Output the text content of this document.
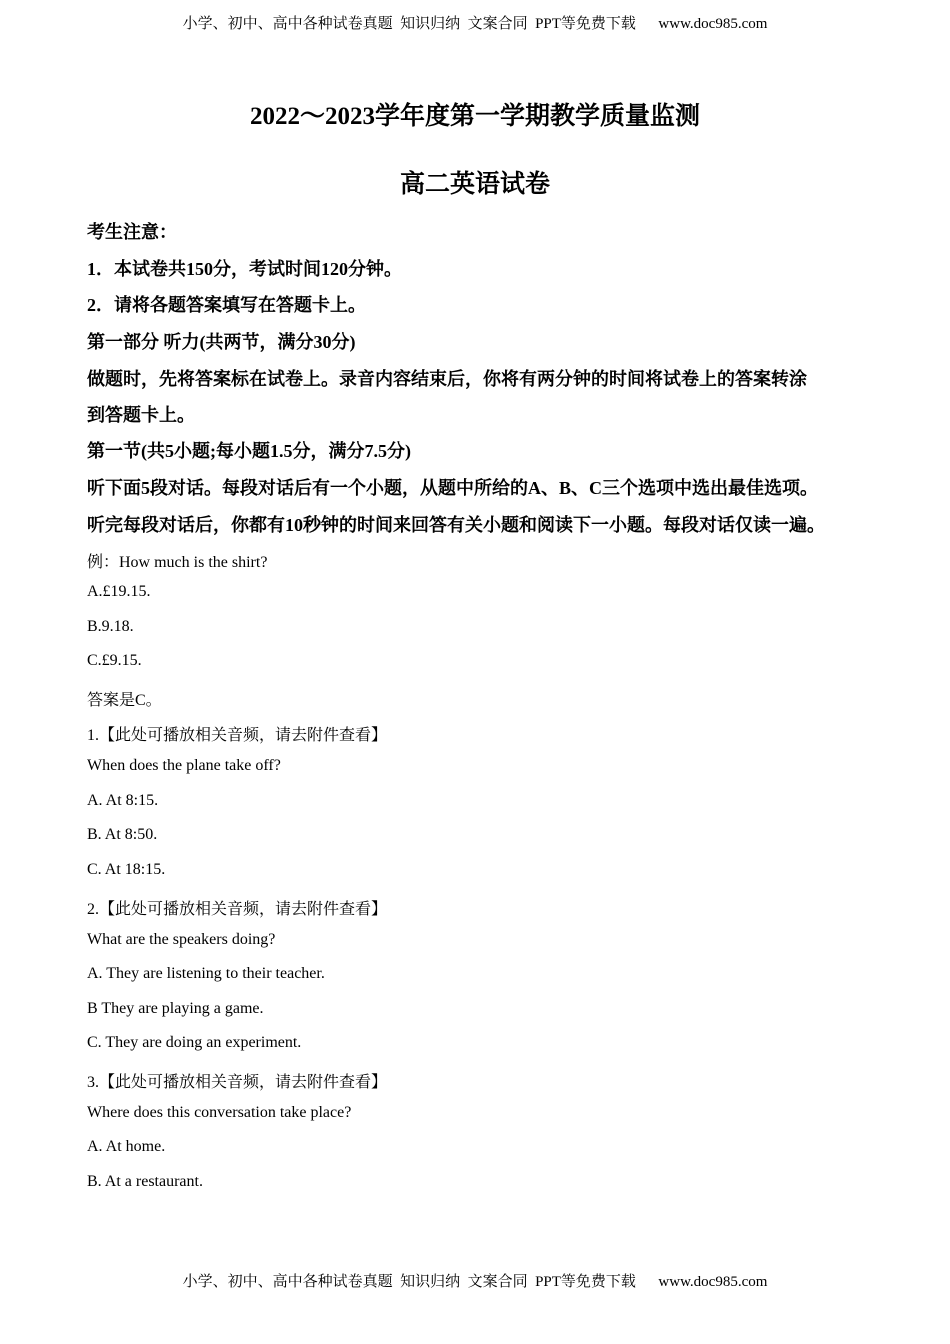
小学、初中、高中各种试卷真题  知识归纳  文案合同  PPT等免费下载      www.doc985.com
2022～2023学年度第一学期教学质量监测
高二英语试卷
考生注意：
1．本试卷共150分，考试时间120分钟。
2．请将各题答案填写在答题卡上。
第一部分 听力(共两节，满分30分)
做题时，先将答案标在试卷上。录音内容结束后，你将有两分钟的时间将试卷上的答案转涂
到答题卡上。
第一节(共5小题;每小题1.5分，满分7.5分)
听下面5段对话。每段对话后有一个小题，从题中所给的A、B、C三个选项中选出最佳选项。
听完每段对话后，你都有10秒钟的时间来回答有关小题和阅读下一小题。每段对话仅读一遍。
例：How much is the shirt?
A.£19.15.
B.9.18.
C.£9.15.
答案是C。
1.【此处可播放相关音频，请去附件查看】
When does the plane take off?
A. At 8:15.
B. At 8:50.
C. At 18:15.
2.【此处可播放相关音频，请去附件查看】
What are the speakers doing?
A. They are listening to their teacher.
B They are playing a game.
C. They are doing an experiment.
3.【此处可播放相关音频，请去附件查看】
Where does this conversation take place?
A. At home.
B. At a restaurant.
小学、初中、高中各种试卷真题  知识归纳  文案合同  PPT等免费下载      www.doc985.com
